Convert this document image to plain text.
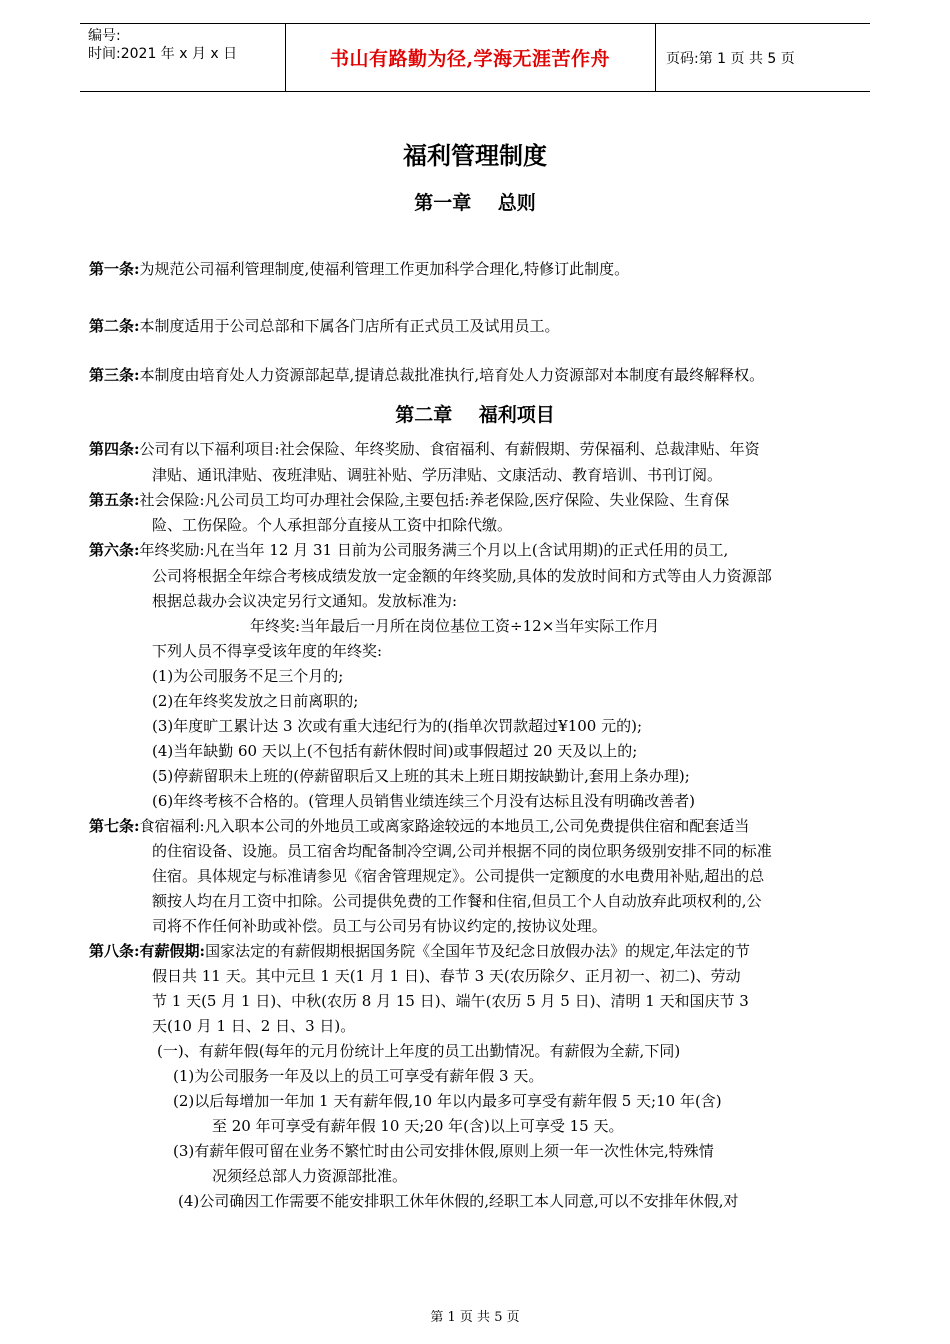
编号:
时间:2021 年 x 月 x 日	书山有路勤为径,学海无涯苦作舟	页码:第 1 页 共 5 页
福利管理制度
第一章    总则
第一条:为规范公司福利管理制度,使福利管理工作更加科学合理化,特修订此制度。
第二条:本制度适用于公司总部和下属各门店所有正式员工及试用员工。
第三条:本制度由培育处人力资源部起草,提请总裁批准执行,培育处人力资源部对本制度有最终解释权。
第二章    福利项目
第四条:公司有以下福利项目:社会保险、年终奖励、食宿福利、有薪假期、劳保福利、总裁津贴、年资
津贴、通讯津贴、夜班津贴、调驻补贴、学历津贴、文康活动、教育培训、书刊订阅。
第五条:社会保险:凡公司员工均可办理社会保险,主要包括:养老保险,医疗保险、失业保险、生育保
险、工伤保险。个人承担部分直接从工资中扣除代缴。
第六条:年终奖励:凡在当年 12 月 31 日前为公司服务满三个月以上(含试用期)的正式任用的员工,
公司将根据全年综合考核成绩发放一定金额的年终奖励,具体的发放时间和方式等由人力资源部
根据总裁办会议决定另行文通知。发放标准为:
年终奖:当年最后一月所在岗位基位工资÷12×当年实际工作月
下列人员不得享受该年度的年终奖:
(1)为公司服务不足三个月的;
(2)在年终奖发放之日前离职的;
(3)年度旷工累计达 3 次或有重大违纪行为的(指单次罚款超过¥100 元的);
(4)当年缺勤 60 天以上(不包括有薪休假时间)或事假超过 20 天及以上的;
(5)停薪留职未上班的(停薪留职后又上班的其未上班日期按缺勤计,套用上条办理);
(6)年终考核不合格的。(管理人员销售业绩连续三个月没有达标且没有明确改善者)
第七条:食宿福利:凡入职本公司的外地员工或离家路途较远的本地员工,公司免费提供住宿和配套适当
的住宿设备、设施。员工宿舍均配备制冷空调,公司并根据不同的岗位职务级别安排不同的标准
住宿。具体规定与标准请参见《宿舍管理规定》。公司提供一定额度的水电费用补贴,超出的总
额按人均在月工资中扣除。公司提供免费的工作餐和住宿,但员工个人自动放弃此项权利的,公
司将不作任何补助或补偿。员工与公司另有协议约定的,按协议处理。
第八条:有薪假期:国家法定的有薪假期根据国务院《全国年节及纪念日放假办法》的规定,年法定的节
假日共 11 天。其中元旦 1 天(1 月 1 日)、春节 3 天(农历除夕、正月初一、初二)、劳动
节 1 天(5 月 1 日)、中秋(农历 8 月 15 日)、端午(农历 5 月 5 日)、清明 1 天和国庆节 3
天(10 月 1 日、2 日、3 日)。
(一)、有薪年假(每年的元月份统计上年度的员工出勤情况。有薪假为全薪,下同)
(1)为公司服务一年及以上的员工可享受有薪年假 3 天。
(2)以后每增加一年加 1 天有薪年假,10 年以内最多可享受有薪年假 5 天;10 年(含)
至 20 年可享受有薪年假 10 天;20 年(含)以上可享受 15 天。
(3)有薪年假可留在业务不繁忙时由公司安排休假,原则上须一年一次性休完,特殊情
况须经总部人力资源部批准。
(4)公司确因工作需要不能安排职工休年休假的,经职工本人同意,可以不安排年休假,对
第 1 页 共 5 页
